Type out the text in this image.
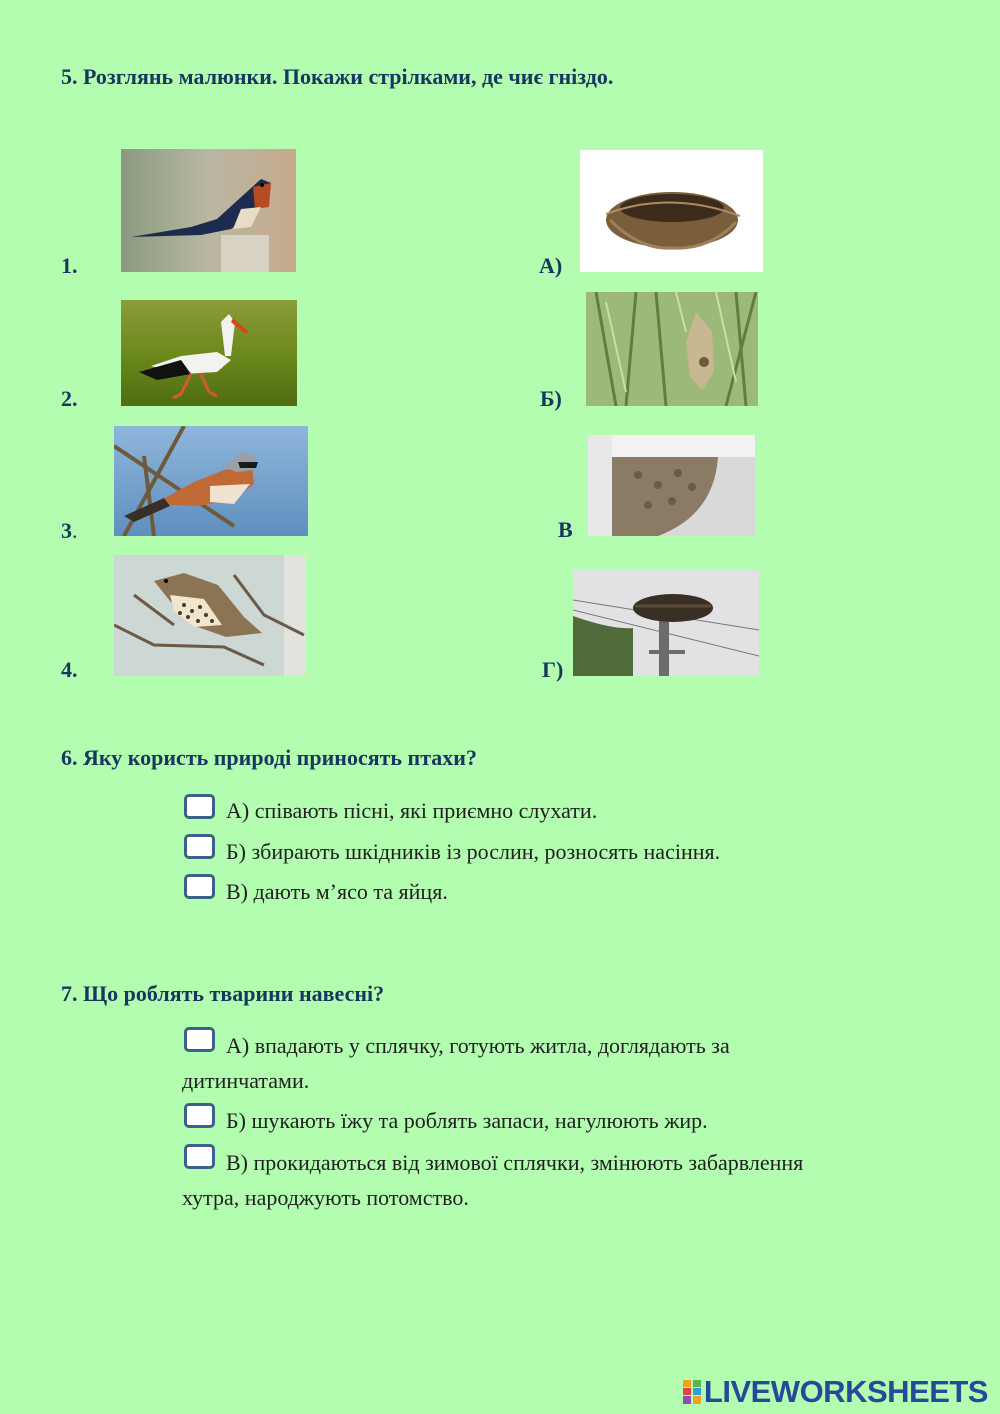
5. Розглянь малюнки. Покажи стрілками, де чиє гніздо.
1.
2.
3.
4.
А)
Б)
В
Г)
6. Яку користь природі приносять птахи?
А) співають пісні, які приємно слухати.
Б) збирають шкідників із рослин, розносять насіння.
В) дають м’ясо та яйця.
7. Що роблять тварини навесні?
А) впадають у сплячку, готують житла, доглядають за
дитинчатами.
Б) шукають їжу та роблять запаси, нагулюють жир.
В) прокидаються від зимової сплячки, змінюють забарвлення
хутра, народжують потомство.
LIVEWORKSHEETS
